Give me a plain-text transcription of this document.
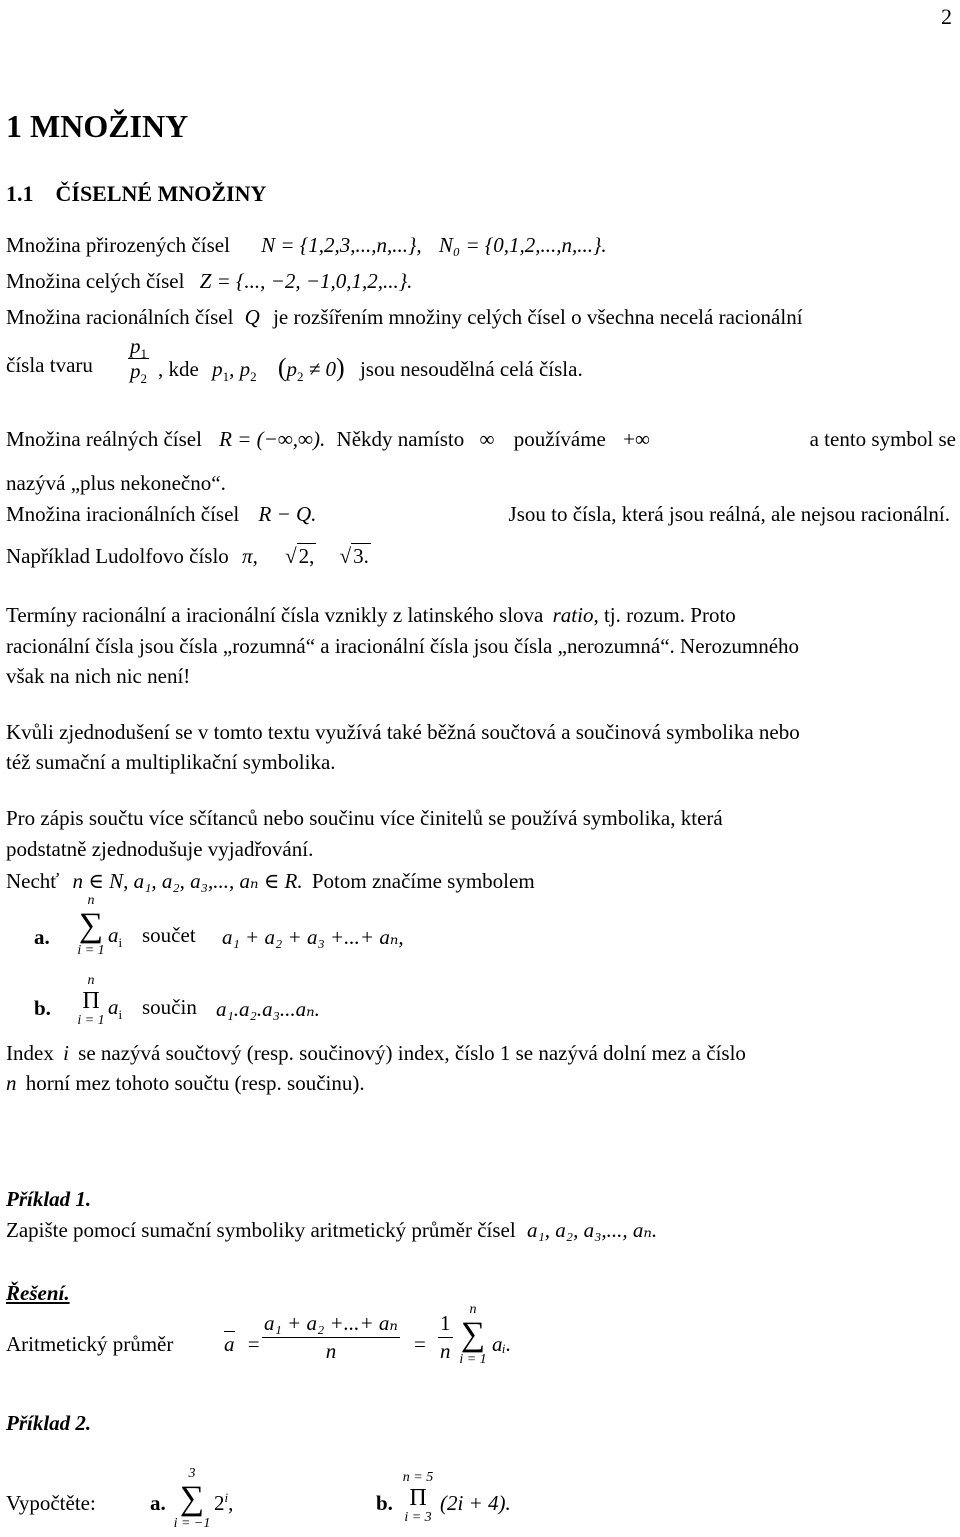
2
1 MNOŽINY
1.1    ČÍSELNÉ MNOŽINY
Množina přirozených čísel N = {1,2,3,...,n,...}, N₀ = {0,1,2,...,n,...}.
Množina celých čísel Z = {..., −2, −1,0,1,2,...}.
Množina racionálních čísel Q je rozšířením množiny celých čísel o všechna necelá racionální
čísla tvaru $\frac{p_1}{p_2}$ , kde $p_1$, $p_2$ $(p_2 \ne 0)$ jsou nesoudělná celá čísla.
Množina reálných čísel R = (−∞,∞). Někdy namísto ∞ používáme +∞	a tento symbol se
nazývá „plus nekonečno“.
Množina iracionálních čísel R − Q.	Jsou to čísla, která jsou reálná, ale nejsou racionální.
Například Ludolfovo číslo π, √2, √3.
Termíny racionální a iracionální čísla vznikly z latinského slova ratio, tj. rozum. Proto
racionální čísla jsou čísla „rozumná“ a iracionální čísla jsou čísla „nerozumná“. Nerozumného
však na nich nic není!
Kvůli zjednodušení se v tomto textu využívá také běžná součtová a součinová symbolika nebo
též sumační a multiplikační symbolika.
Pro zápis součtu více sčítanců nebo součinu více činitelů se používá symbolika, která
podstatně zjednodušuje vyjadřování.
Nechť n ∈ N, a₁, a₂, a₃,..., aₙ ∈ R. Potom značíme symbolem
a.
n
∑
i = 1
$a_i$ součet a₁ + a₂ + a₃ +...+ aₙ,
b.
n
Π
i = 1
$a_i$ součin a₁.a₂.a₃...aₙ.
Index i se nazývá součtový (resp. součinový) index, číslo 1 se nazývá dolní mez a číslo
n horní mez tohoto součtu (resp. součinu).
Příklad 1.
Zapište pomocí sumační symboliky aritmetický průměr čísel a₁, a₂, a₃,..., aₙ.
Řešení.
Aritmetický průměr $a = \frac{\text{a₁ + a₂ +...+ aₙ}}{n} = \frac{1}{n}$
n
∑
i = 1
aᵢ.
Příklad 2.
Vypočtěte:	a.
3
∑
i = −1
2$^i$,	b.
n = 5
Π
i = 3
(2i + 4).
